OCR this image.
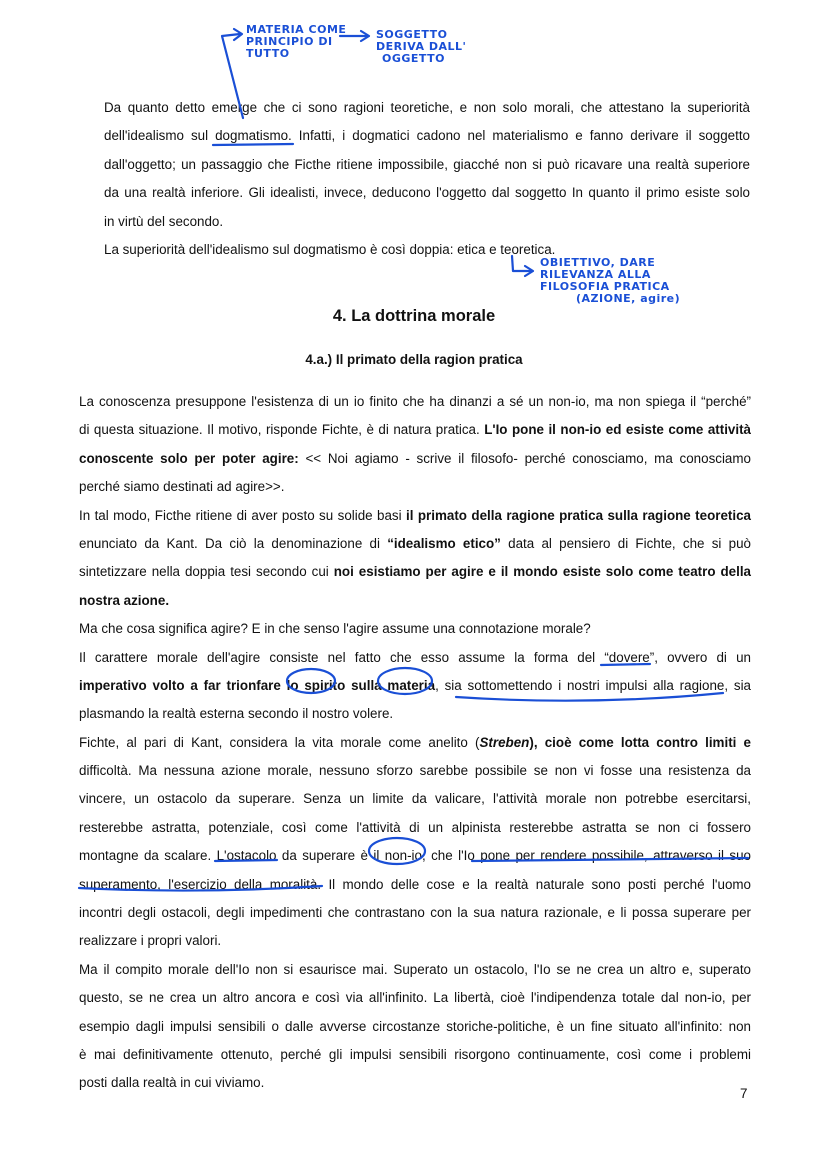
MATERIA COME
PRINCIPIO DI
TUTTO
SOGGETTO
DERIVA DALL'
OGGETTO
OBIETTIVO, DARE
RILEVANZA ALLA
FILOSOFIA PRATICA
(AZIONE, agire)
Da quanto detto emerge che ci sono ragioni teoretiche, e non solo morali, che attestano la superiorità
dell'idealismo sul dogmatismo. Infatti, i dogmatici cadono nel materialismo e fanno derivare il soggetto
dall'oggetto; un passaggio che Ficthe ritiene impossibile, giacché non si può ricavare una realtà superiore
da una realtà inferiore. Gli idealisti, invece, deducono l'oggetto dal soggetto In quanto il primo esiste solo
in virtù del secondo.
La superiorità dell'idealismo sul dogmatismo è così doppia: etica e teoretica.
4. La dottrina morale
4.a.) Il primato della ragion pratica
La conoscenza presuppone l'esistenza di un io finito che ha dinanzi a sé un non-io, ma non spiega il “perché”
di questa situazione. Il motivo, risponde Fichte, è di natura pratica. L'Io pone il non-io ed esiste come attività
conoscente solo per poter agire: << Noi agiamo - scrive il filosofo- perché conosciamo, ma conosciamo
perché siamo destinati ad agire>>.
In tal modo, Ficthe ritiene di aver posto su solide basi il primato della ragione pratica sulla ragione teoretica
enunciato da Kant. Da ciò la denominazione di “idealismo etico” data al pensiero di Fichte, che si può
sintetizzare nella doppia tesi secondo cui noi esistiamo per agire e il mondo esiste solo come teatro della
nostra azione.
Ma che cosa significa agire? E in che senso l'agire assume una connotazione morale?
Il carattere morale dell'agire consiste nel fatto che esso assume la forma del “dovere”, ovvero di un
imperativo volto a far trionfare lo spirito sulla materia, sia sottomettendo i nostri impulsi alla ragione, sia
plasmando la realtà esterna secondo il nostro volere.
Fichte, al pari di Kant, considera la vita morale come anelito (Streben), cioè come lotta contro limiti e
difficoltà. Ma nessuna azione morale, nessuno sforzo sarebbe possibile se non vi fosse una resistenza da
vincere, un ostacolo da superare. Senza un limite da valicare, l'attività morale non potrebbe esercitarsi,
resterebbe astratta, potenziale, così come l'attività di un alpinista resterebbe astratta se non ci fossero
montagne da scalare. L'ostacolo da superare è il non-io, che l'Io pone per rendere possibile, attraverso il suo
superamento, l'esercizio della moralità. Il mondo delle cose e la realtà naturale sono posti perché l'uomo
incontri degli ostacoli, degli impedimenti che contrastano con la sua natura razionale, e li possa superare per
realizzare i propri valori.
Ma il compito morale dell'Io non si esaurisce mai. Superato un ostacolo, l'Io se ne crea un altro e, superato
questo, se ne crea un altro ancora e così via all'infinito. La libertà, cioè l'indipendenza totale dal non-io, per
esempio dagli impulsi sensibili o dalle avverse circostanze storiche-politiche, è un fine situato all'infinito: non
è mai definitivamente ottenuto, perché gli impulsi sensibili risorgono continuamente, così come i problemi
posti dalla realtà in cui viviamo.
7
